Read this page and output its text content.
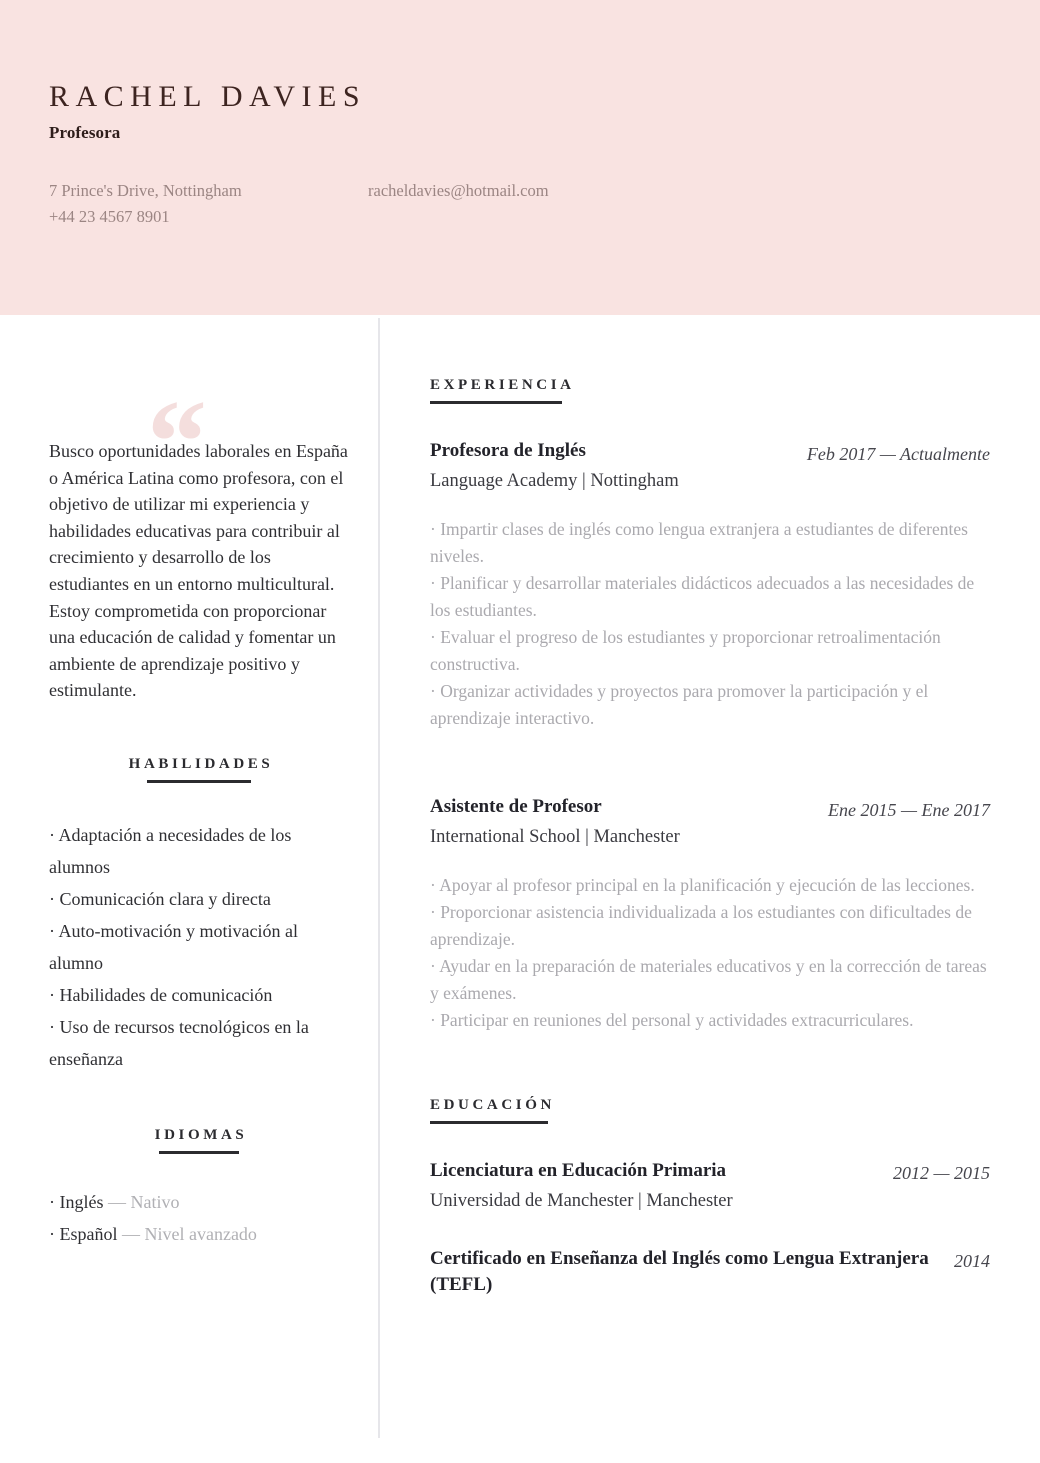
RACHEL DAVIES
Profesora
7 Prince's Drive, Nottingham
+44 23 4567 8901
racheldavies@hotmail.com
“
Busco oportunidades laborales en España o América Latina como profesora, con el objetivo de utilizar mi experiencia y habilidades educativas para contribuir al crecimiento y desarrollo de los estudiantes en un entorno multicultural. Estoy comprometida con proporcionar una educación de calidad y fomentar un ambiente de aprendizaje positivo y estimulante.
HABILIDADES
· Adaptación a necesidades de los alumnos
· Comunicación clara y directa
· Auto-motivación y motivación al alumno
· Habilidades de comunicación
· Uso de recursos tecnológicos en la enseñanza
IDIOMAS
· Inglés — Nativo
· Español — Nivel avanzado
EXPERIENCIA
Profesora de Inglés
Language Academy | Nottingham
Feb 2017 — Actualmente
· Impartir clases de inglés como lengua extranjera a estudiantes de diferentes niveles.
· Planificar y desarrollar materiales didácticos adecuados a las necesidades de los estudiantes.
· Evaluar el progreso de los estudiantes y proporcionar retroalimentación constructiva.
· Organizar actividades y proyectos para promover la participación y el aprendizaje interactivo.
Asistente de Profesor
International School | Manchester
Ene 2015 — Ene 2017
· Apoyar al profesor principal en la planificación y ejecución de las lecciones.
· Proporcionar asistencia individualizada a los estudiantes con dificultades de aprendizaje.
· Ayudar en la preparación de materiales educativos y en la corrección de tareas y exámenes.
· Participar en reuniones del personal y actividades extracurriculares.
EDUCACIÓN
Licenciatura en Educación Primaria
Universidad de Manchester | Manchester
2012 — 2015
Certificado en Enseñanza del Inglés como Lengua Extranjera (TEFL)
2014
